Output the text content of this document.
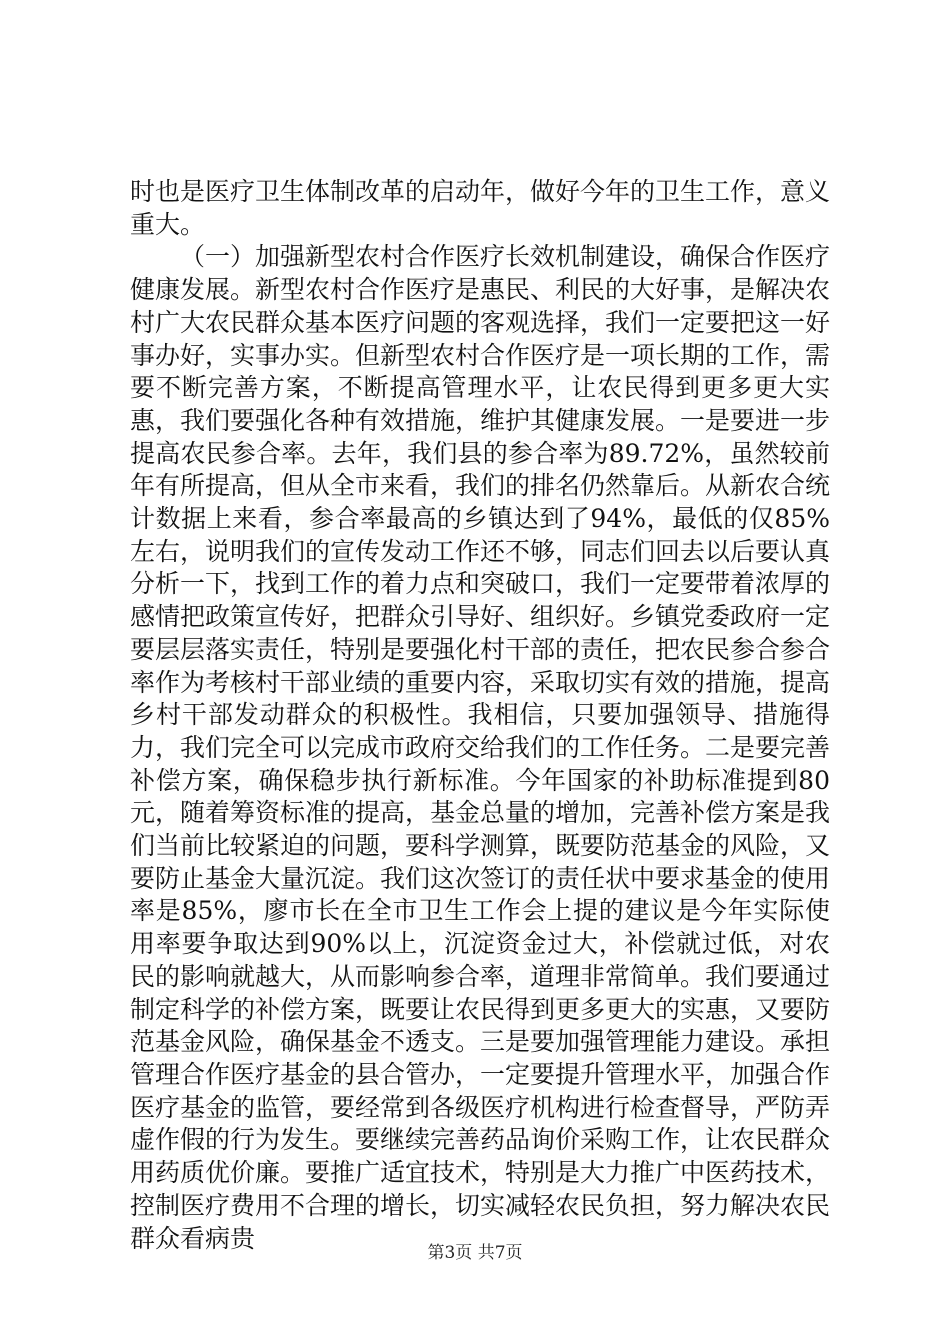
时也是医疗卫生体制改革的启动年，做好今年的卫生工作，意义重大。

（一）加强新型农村合作医疗长效机制建设，确保合作医疗健康发展。新型农村合作医疗是惠民、利民的大好事，是解决农村广大农民群众基本医疗问题的客观选择，我们一定要把这一好事办好，实事办实。但新型农村合作医疗是一项长期的工作，需要不断完善方案，不断提高管理水平，让农民得到更多更大实惠，我们要强化各种有效措施，维护其健康发展。一是要进一步提高农民参合率。去年，我们县的参合率为89.72%，虽然较前年有所提高，但从全市来看，我们的排名仍然靠后。从新农合统计数据上来看，参合率最高的乡镇达到了94%，最低的仅85%左右，说明我们的宣传发动工作还不够，同志们回去以后要认真分析一下，找到工作的着力点和突破口，我们一定要带着浓厚的感情把政策宣传好，把群众引导好、组织好。乡镇党委政府一定要层层落实责任，特别是要强化村干部的责任，把农民参合参合率作为考核村干部业绩的重要内容，采取切实有效的措施，提高乡村干部发动群众的积极性。我相信，只要加强领导、措施得力，我们完全可以完成市政府交给我们的工作任务。二是要完善补偿方案，确保稳步执行新标准。今年国家的补助标准提到80元，随着筹资标准的提高，基金总量的增加，完善补偿方案是我们当前比较紧迫的问题，要科学测算，既要防范基金的风险，又要防止基金大量沉淀。我们这次签订的责任状中要求基金的使用率是85%，廖市长在全市卫生工作会上提的建议是今年实际使用率要争取达到90%以上，沉淀资金过大，补偿就过低，对农民的影响就越大，从而影响参合率，道理非常简单。我们要通过制定科学的补偿方案，既要让农民得到更多更大的实惠，又要防范基金风险，确保基金不透支。三是要加强管理能力建设。承担管理合作医疗基金的县合管办，一定要提升管理水平，加强合作医疗基金的监管，要经常到各级医疗机构进行检查督导，严防弄虚作假的行为发生。要继续完善药品询价采购工作，让农民群众用药质优价廉。要推广适宜技术，特别是大力推广中医药技术，控制医疗费用不合理的增长，切实减轻农民负担，努力解决农民群众看病贵

第3页 共7页
